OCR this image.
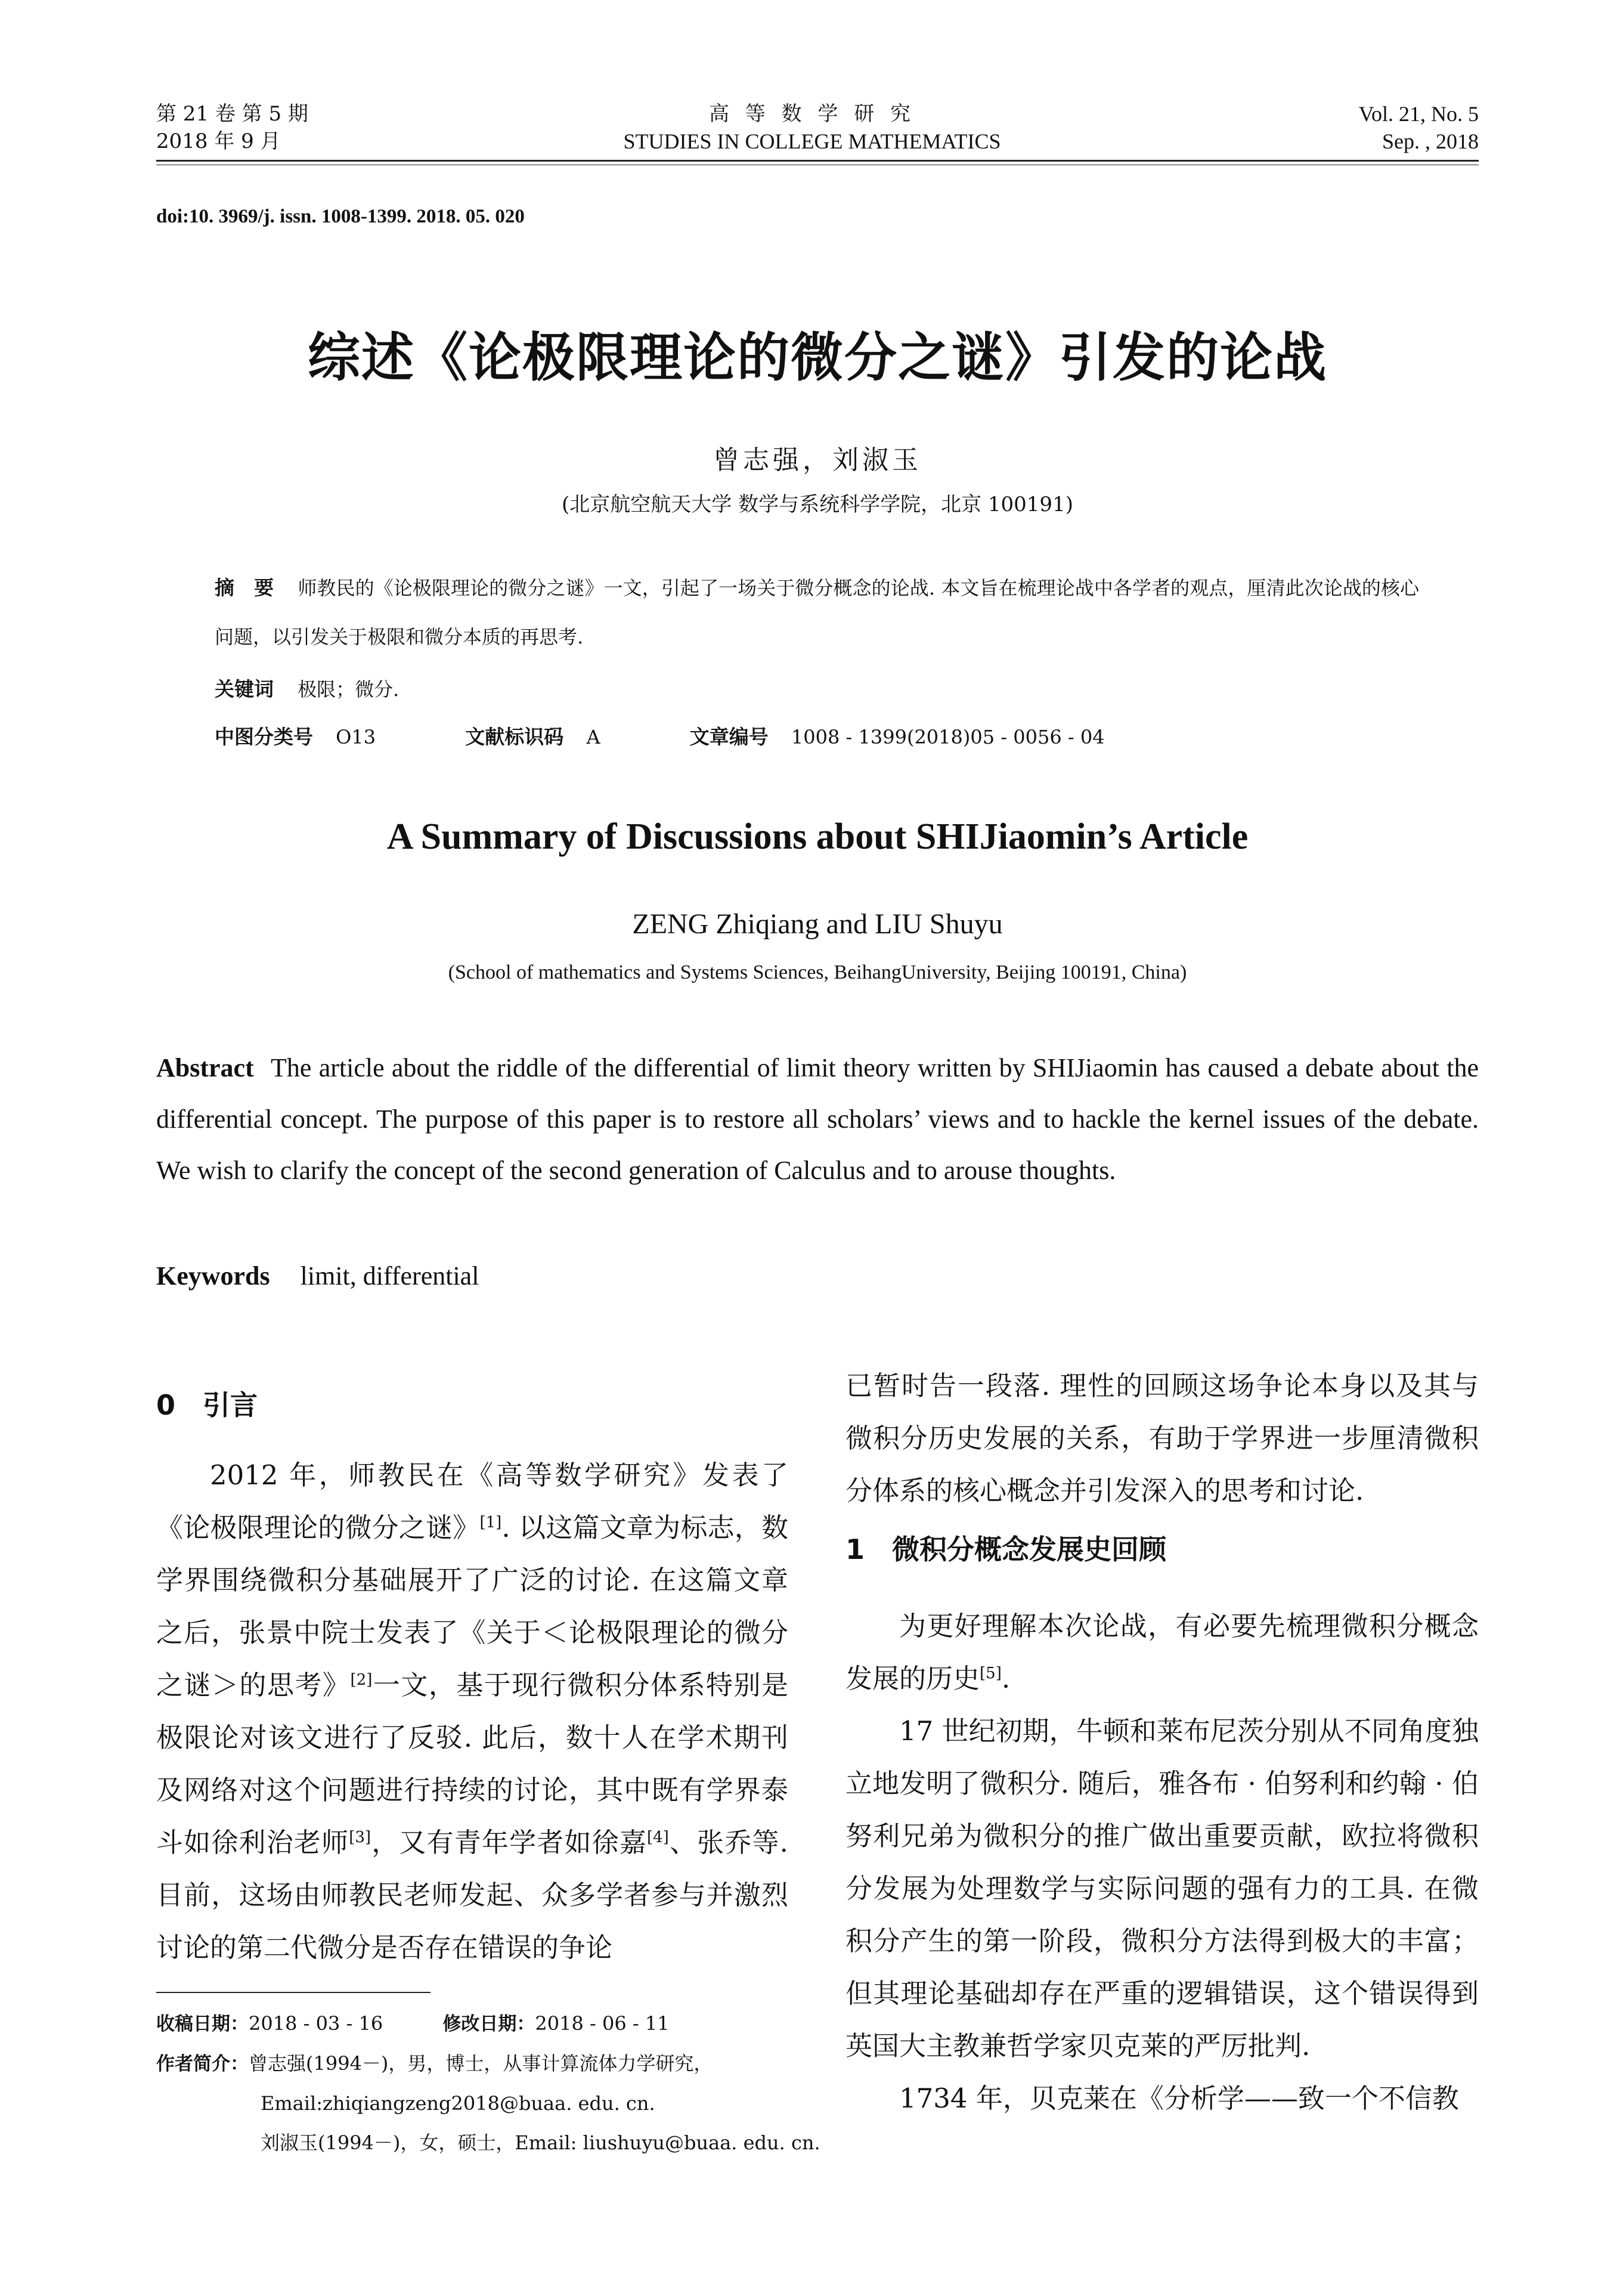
第 21 卷 第 5 期
2018 年 9 月
高 等 数 学 研 究
STUDIES IN COLLEGE MATHEMATICS
Vol. 21, No. 5
Sep. , 2018
doi:10. 3969/j. issn. 1008-1399. 2018. 05. 020
综述《论极限理论的微分之谜》引发的论战
曾志强，刘淑玉
(北京航空航天大学 数学与系统科学学院，北京 100191)
摘　要 师教民的《论极限理论的微分之谜》一文，引起了一场关于微分概念的论战. 本文旨在梳理论战中各学者的观点，厘清此次论战的核心问题，以引发关于极限和微分本质的再思考.
关键词 极限；微分.
中图分类号 O13	文献标识码 A	文章编号 1008 - 1399(2018)05 - 0056 - 04
A Summary of Discussions about SHIJiaomin’s Article
ZENG Zhiqiang and LIU Shuyu
(School of mathematics and Systems Sciences, BeihangUniversity, Beijing 100191, China)
Abstract The article about the riddle of the differential of limit theory written by SHIJiaomin has caused a debate about the differential concept. The purpose of this paper is to restore all scholars’ views and to hackle the kernel issues of the debate. We wish to clarify the concept of the second generation of Calculus and to arouse thoughts.
Keywords limit, differential
0　引言

2012 年，师教民在《高等数学研究》发表了《论极限理论的微分之谜》[1]. 以这篇文章为标志，数学界围绕微积分基础展开了广泛的讨论. 在这篇文章之后，张景中院士发表了《关于＜论极限理论的微分之谜＞的思考》[2]一文，基于现行微积分体系特别是极限论对该文进行了反驳. 此后，数十人在学术期刊及网络对这个问题进行持续的讨论，其中既有学界泰斗如徐利治老师[3]，又有青年学者如徐嘉[4]、张乔等. 目前，这场由师教民老师发起、众多学者参与并激烈讨论的第二代微分是否存在错误的争论

收稿日期：2018 - 03 - 16	修改日期：2018 - 06 - 11
作者简介：曾志强(1994－)，男，博士，从事计算流体力学研究，
Email:zhiqiangzeng2018@buaa. edu. cn.
刘淑玉(1994－)，女，硕士，Email: liushuyu@buaa. edu. cn.
已暂时告一段落. 理性的回顾这场争论本身以及其与微积分历史发展的关系，有助于学界进一步厘清微积分体系的核心概念并引发深入的思考和讨论.
1　微积分概念发展史回顾

为更好理解本次论战，有必要先梳理微积分概念发展的历史[5].

17 世纪初期，牛顿和莱布尼茨分别从不同角度独立地发明了微积分. 随后，雅各布 · 伯努利和约翰 · 伯努利兄弟为微积分的推广做出重要贡献，欧拉将微积分发展为处理数学与实际问题的强有力的工具. 在微积分产生的第一阶段，微积分方法得到极大的丰富；但其理论基础却存在严重的逻辑错误，这个错误得到英国大主教兼哲学家贝克莱的严厉批判.

1734 年，贝克莱在《分析学——致一个不信教
